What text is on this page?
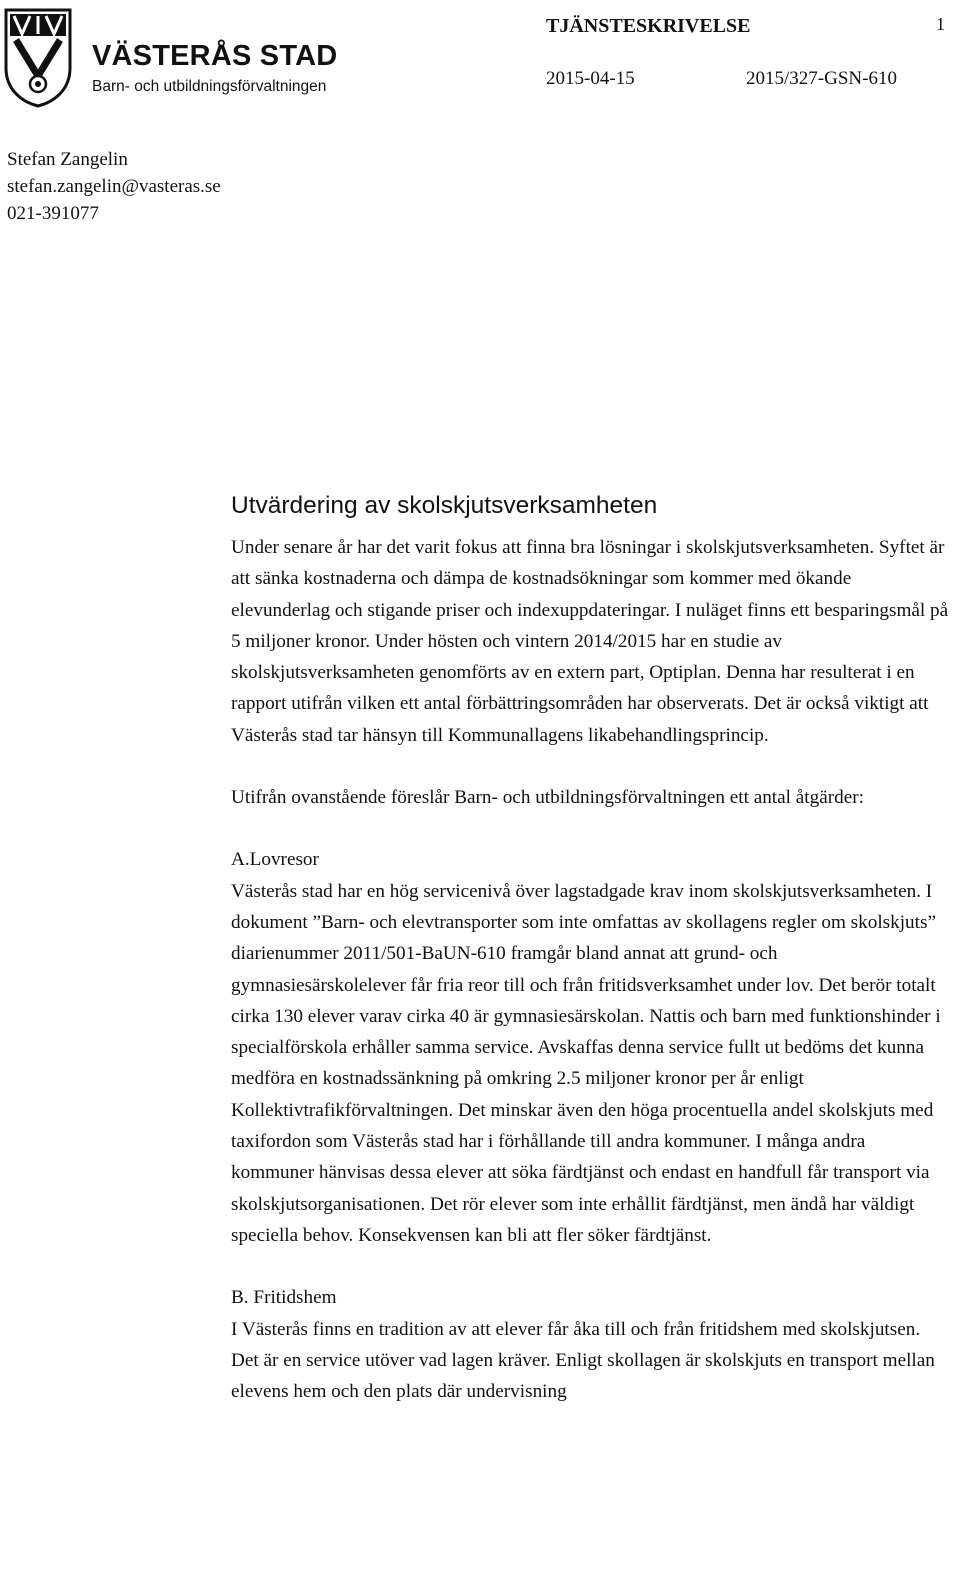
VÄSTERÅS STAD
Barn- och utbildningsförvaltningen
TJÄNSTESKRIVELSE	1
2015-04-15	2015/327-GSN-610
Stefan Zangelin
stefan.zangelin@vasteras.se
021-391077
Utvärdering av skolskjutsverksamheten

Under senare år har det varit fokus att finna bra lösningar i skolskjutsverksamheten. Syftet är att sänka kostnaderna och dämpa de kostnadsökningar som kommer med ökande elevunderlag och stigande priser och indexuppdateringar. I nuläget finns ett besparingsmål på 5 miljoner kronor. Under hösten och vintern 2014/2015 har en studie av skolskjutsverksamheten genomförts av en extern part, Optiplan. Denna har resulterat i en rapport utifrån vilken ett antal förbättringsområden har observerats. Det är också viktigt att Västerås stad tar hänsyn till Kommunallagens likabehandlingsprincip.

Utifrån ovanstående föreslår Barn- och utbildningsförvaltningen ett antal åtgärder:

A.Lovresor

Västerås stad har en hög servicenivå över lagstadgade krav inom skolskjutsverksamheten. I dokument ”Barn- och elevtransporter som inte omfattas av skollagens regler om skolskjuts” diarienummer 2011/501-BaUN-610 framgår bland annat att grund- och gymnasiesärskolelever får fria reor till och från fritidsverksamhet under lov. Det berör totalt cirka 130 elever varav cirka 40 är gymnasiesärskolan. Nattis och barn med funktionshinder i specialförskola erhåller samma service. Avskaffas denna service fullt ut bedöms det kunna medföra en kostnadssänkning på omkring 2.5 miljoner kronor per år enligt Kollektivtrafikförvaltningen. Det minskar även den höga procentuella andel skolskjuts med taxifordon som Västerås stad har i förhållande till andra kommuner. I många andra kommuner hänvisas dessa elever att söka färdtjänst och endast en handfull får transport via skolskjutsorganisationen. Det rör elever som inte erhållit färdtjänst, men ändå har väldigt speciella behov. Konsekvensen kan bli att fler söker färdtjänst.

B. Fritidshem

I Västerås finns en tradition av att elever får åka till och från fritidshem med skolskjutsen. Det är en service utöver vad lagen kräver. Enligt skollagen är skolskjuts en transport mellan elevens hem och den plats där undervisning
